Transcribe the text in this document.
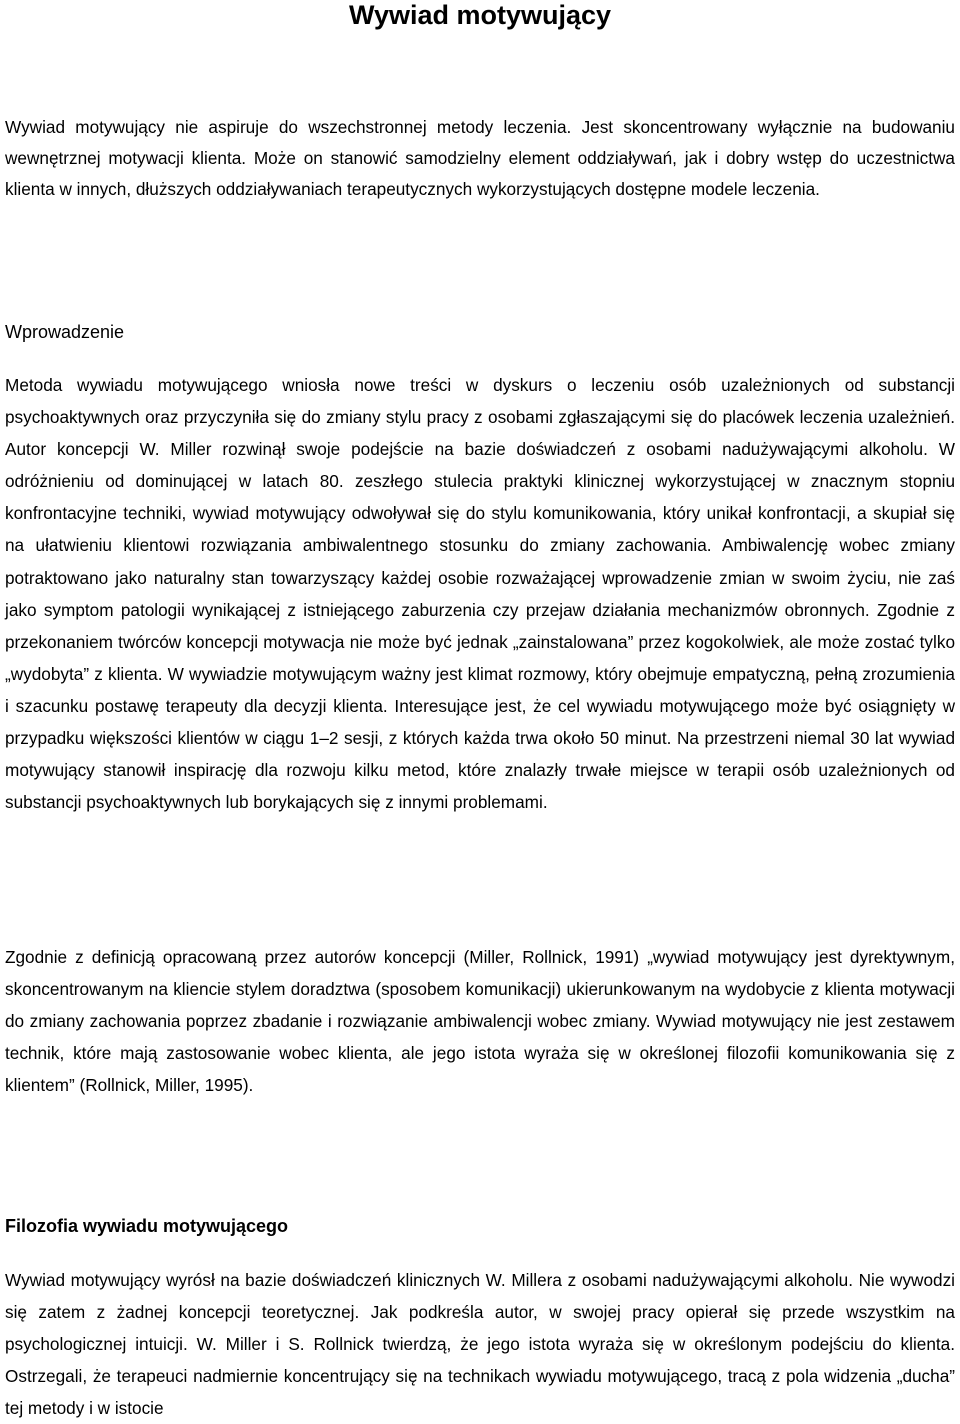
Wywiad motywujący

Wywiad motywujący nie aspiruje do wszechstronnej metody leczenia. Jest skoncentrowany wyłącznie na budowaniu wewnętrznej motywacji klienta. Może on stanowić samodzielny element oddziaływań, jak i dobry wstęp do uczestnictwa klienta w innych, dłuższych oddziaływaniach terapeutycznych wykorzystujących dostępne modele leczenia.

Wprowadzenie

Metoda wywiadu motywującego wniosła nowe treści w dyskurs o leczeniu osób uzależnionych od substancji psychoaktywnych oraz przyczyniła się do zmiany stylu pracy z osobami zgłaszającymi się do placówek leczenia uzależnień. Autor koncepcji W. Miller rozwinął swoje podejście na bazie doświadczeń z osobami nadużywającymi alkoholu. W odróżnieniu od dominującej w latach 80. zeszłego stulecia praktyki klinicznej wykorzystującej w znacznym stopniu konfrontacyjne techniki, wywiad motywujący odwoływał się do stylu komunikowania, który unikał konfrontacji, a skupiał się na ułatwieniu klientowi rozwiązania ambiwalentnego stosunku do zmiany zachowania. Ambiwalencję wobec zmiany potraktowano jako naturalny stan towarzyszący każdej osobie rozważającej wprowadzenie zmian w swoim życiu, nie zaś jako symptom patologii wynikającej z istniejącego zaburzenia czy przejaw działania mechanizmów obronnych. Zgodnie z przekonaniem twórców koncepcji motywacja nie może być jednak „zainstalowana” przez kogokolwiek, ale może zostać tylko „wydobyta” z klienta. W wywiadzie motywującym ważny jest klimat rozmowy, który obejmuje empatyczną, pełną zrozumienia i szacunku postawę terapeuty dla decyzji klienta. Interesujące jest, że cel wywiadu motywującego może być osiągnięty w przypadku większości klientów w ciągu 1–2 sesji, z których każda trwa około 50 minut. Na przestrzeni niemal 30 lat wywiad motywujący stanowił inspirację dla rozwoju kilku metod, które znalazły trwałe miejsce w terapii osób uzależnionych od substancji psychoaktywnych lub borykających się z innymi problemami.

Zgodnie z definicją opracowaną przez autorów koncepcji (Miller, Rollnick, 1991) „wywiad motywujący jest dyrektywnym, skoncentrowanym na kliencie stylem doradztwa (sposobem komunikacji) ukierunkowanym na wydobycie z klienta motywacji do zmiany zachowania poprzez zbadanie i rozwiązanie ambiwalencji wobec zmiany. Wywiad motywujący nie jest zestawem technik, które mają zastosowanie wobec klienta, ale jego istota wyraża się w określonej filozofii komunikowania się z klientem” (Rollnick, Miller, 1995).

Filozofia wywiadu motywującego

Wywiad motywujący wyrósł na bazie doświadczeń klinicznych W. Millera z osobami nadużywającymi alkoholu. Nie wywodzi się zatem z żadnej koncepcji teoretycznej. Jak podkreśla autor, w swojej pracy opierał się przede wszystkim na psychologicznej intuicji. W. Miller i S. Rollnick twierdzą, że jego istota wyraża się w określonym podejściu do klienta. Ostrzegali, że terapeuci nadmiernie koncentrujący się na technikach wywiadu motywującego, tracą z pola widzenia „ducha” tej metody i w istocie
